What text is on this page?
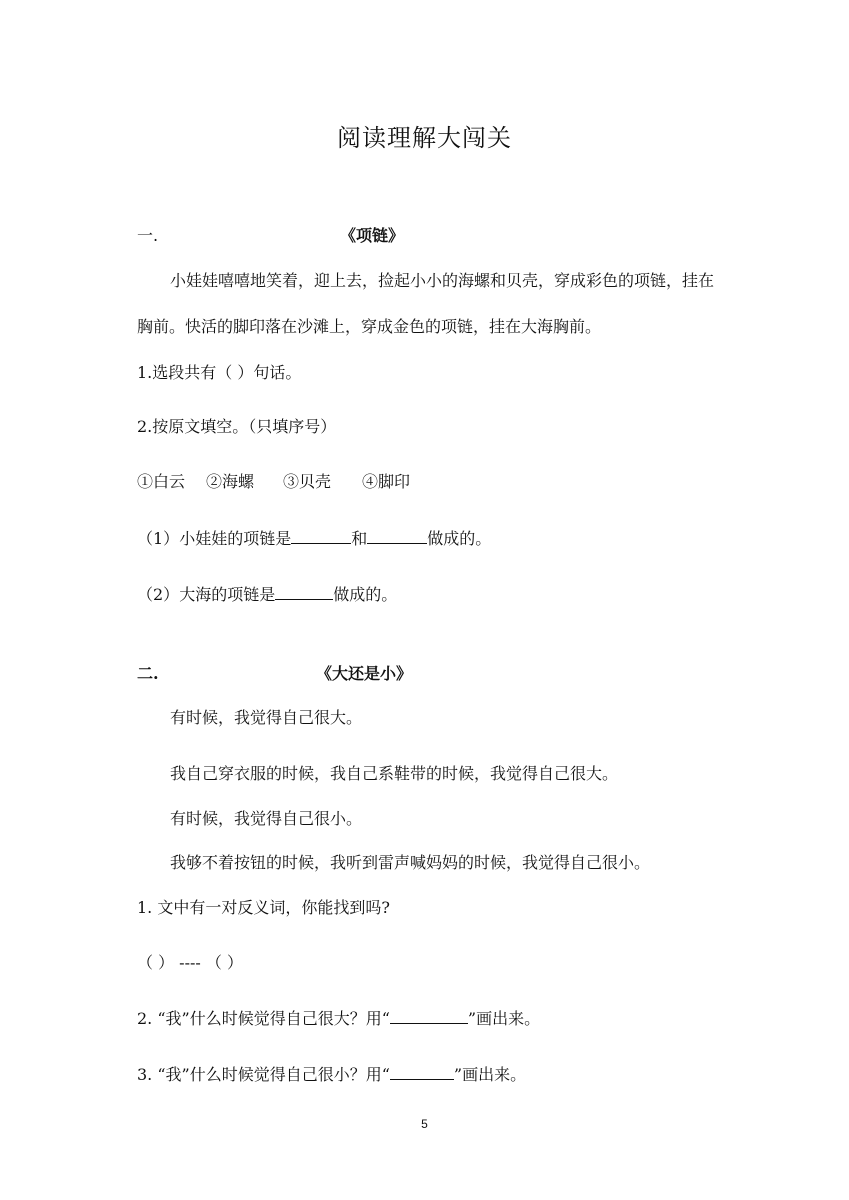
阅读理解大闯关
一.	《项链》
小娃娃嘻嘻地笑着，迎上去，捡起小小的海螺和贝壳，穿成彩色的项链，挂在
胸前。快活的脚印落在沙滩上，穿成金色的项链，挂在大海胸前。
1.选段共有（ ）句话。
2.按原文填空。（只填序号）
①白云 ②海螺 ③贝壳 ④脚印
（1）小娃娃的项链是	和	做成的。
（2）大海的项链是	做成的。
二.	《大还是小》
有时候，我觉得自己很大。
我自己穿衣服的时候，我自己系鞋带的时候，我觉得自己很大。
有时候，我觉得自己很小。
我够不着按钮的时候，我听到雷声喊妈妈的时候，我觉得自己很小。
1. 文中有一对反义词，你能找到吗?
（ ） ---- （ ）
2. “我”什么时候觉得自己很大？用“	”画出来。
3. “我”什么时候觉得自己很小？用“	”画出来。
5
